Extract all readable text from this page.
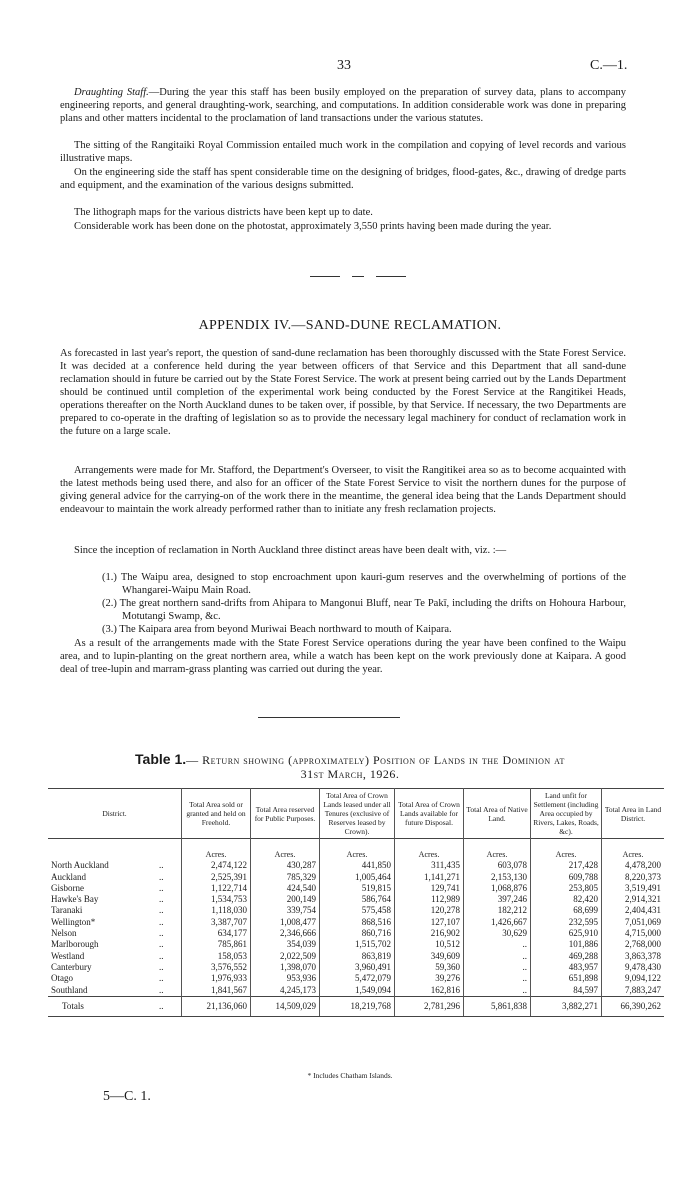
33	C.—1.

Draughting Staff.—During the year this staff has been busily employed on the preparation of survey data, plans to accompany engineering reports, and general draughting-work, searching, and computations. In addition considerable work was done in preparing plans and other matters incidental to the proclamation of land transactions under the various statutes.

The sitting of the Rangitaiki Royal Commission entailed much work in the compilation and copying of level records and various illustrative maps.

On the engineering side the staff has spent considerable time on the designing of bridges, flood-gates, &c., drawing of dredge parts and equipment, and the examination of the various designs submitted.

The lithograph maps for the various districts have been kept up to date.

Considerable work has been done on the photostat, approximately 3,550 prints having been made during the year.

APPENDIX IV.—SAND-DUNE RECLAMATION.

As forecasted in last year's report, the question of sand-dune reclamation has been thoroughly discussed with the State Forest Service. It was decided at a conference held during the year between officers of that Service and this Department that all sand-dune reclamation should in future be carried out by the State Forest Service. The work at present being carried out by the Lands Department should be continued until completion of the experimental work being conducted by the Forest Service at the Rangitikei Heads, operations thereafter on the North Auckland dunes to be taken over, if possible, by that Service. If necessary, the two Departments are prepared to co-operate in the drafting of legislation so as to provide the necessary legal machinery for conduct of reclamation work in the future on a large scale.

Arrangements were made for Mr. Stafford, the Department's Overseer, to visit the Rangitikei area so as to become acquainted with the latest methods being used there, and also for an officer of the State Forest Service to visit the northern dunes for the purpose of giving general advice for the carrying-on of the work there in the meantime, the general idea being that the Lands Department should endeavour to maintain the work already performed rather than to initiate any fresh reclamation projects.

Since the inception of reclamation in North Auckland three distinct areas have been dealt with, viz. :—

(1.) The Waipu area, designed to stop encroachment upon kauri-gum reserves and the overwhelming of portions of the Whangarei-Waipu Main Road.

(2.) The great northern sand-drifts from Ahipara to Mangonui Bluff, near Te Pakī, including the drifts on Hohoura Harbour, Motutangi Swamp, &c.

(3.) The Kaipara area from beyond Muriwai Beach northward to mouth of Kaipara.

As a result of the arrangements made with the State Forest Service operations during the year have been confined to the Waipu area, and to lupin-planting on the great northern area, while a watch has been kept on the work previously done at Kaipara. A good deal of tree-lupin and marram-grass planting was carried out during the year.

Table 1.— Return showing (approximately) Position of Lands in the Dominion at
31st March, 1926.
District.		Total Area sold or granted and held on Freehold.	Total Area reserved for Public Purposes.	Total Area of Crown Lands leased under all Tenures (exclusive of Reserves leased by Crown).	Total Area of Crown Lands available for future Disposal.	Total Area of Native Land.	Land unfit for Settlement (including Area occupied by Rivers, Lakes, Roads, &c).	Total Area in Land District.
		Acres.	Acres.	Acres.	Acres.	Acres.	Acres.	Acres.
North Auckland	..	2,474,122	430,287	441,850	311,435	603,078	217,428	4,478,200
Auckland	..	2,525,391	785,329	1,005,464	1,141,271	2,153,130	609,788	8,220,373
Gisborne	..	1,122,714	424,540	519,815	129,741	1,068,876	253,805	3,519,491
Hawke's Bay	..	1,534,753	200,149	586,764	112,989	397,246	82,420	2,914,321
Taranaki	..	1,118,030	339,754	575,458	120,278	182,212	68,699	2,404,431
Wellington*	..	3,387,707	1,008,477	868,516	127,107	1,426,667	232,595	7,051,069
Nelson	..	634,177	2,346,666	860,716	216,902	30,629	625,910	4,715,000
Marlborough	..	785,861	354,039	1,515,702	10,512	..	101,886	2,768,000
Westland	..	158,053	2,022,509	863,819	349,609	..	469,288	3,863,378
Canterbury	..	3,576,552	1,398,070	3,960,491	59,360	..	483,957	9,478,430
Otago	..	1,976,933	953,936	5,472,079	39,276	..	651,898	9,094,122
Southland	..	1,841,567	4,245,173	1,549,094	162,816	..	84,597	7,883,247
Totals	..	21,136,060	14,509,029	18,219,768	2,781,296	5,861,838	3,882,271	66,390,262
* Includes Chatham Islands.
5—C. 1.
